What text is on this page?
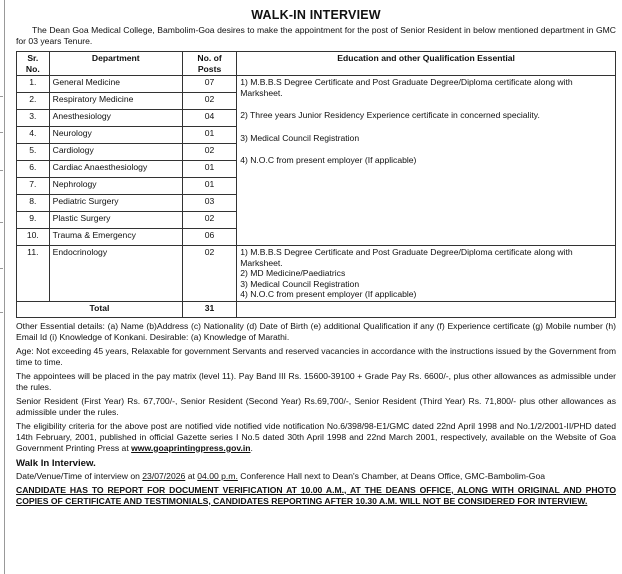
WALK-IN INTERVIEW

The Dean Goa Medical College, Bambolim-Goa desires to make the appointment for the post of Senior Resident in below mentioned department in GMC for 03 years Tenure.

Sr. No.	Department	No. of Posts	Education and other Qualification Essential
1.	General Medicine	07	1) M.B.B.S Degree Certificate and Post Graduate Degree/Diploma certificate along with Marksheet.

2) Three years Junior Residency Experience certificate in concerned speciality.

3) Medical Council Registration

4) N.O.C from present employer (If applicable)

2.	Respiratory Medicine	02	
3.	Anesthesiology	04	
4.	Neurology	01	
5.	Cardiology	02	
6.	Cardiac Anaesthesiology	01	
7.	Nephrology	01	
8.	Pediatric Surgery	03	
9.	Plastic Surgery	02	
10.	Trauma & Emergency	06	
11.	Endocrinology	02	1) M.B.B.S Degree Certificate and Post Graduate Degree/Diploma certificate along with Marksheet.

2) MD Medicine/Paediatrics

3) Medical Council Registration

4) N.O.C from present employer (If applicable)

Total		31	

Other Essential details: (a) Name (b)Address (c) Nationality (d) Date of Birth (e) additional Qualification if any (f) Experience certificate (g) Mobile number (h) Email Id (i) Knowledge of Konkani. Desirable: (a) Knowledge of Marathi.

Age: Not exceeding 45 years, Relaxable for government Servants and reserved vacancies in accordance with the instructions issued by the Government from time to time.

The appointees will be placed in the pay matrix (level 11). Pay Band III Rs. 15600-39100 + Grade Pay Rs. 6600/-, plus other allowances as admissible under the rules.

Senior Resident (First Year) Rs. 67,700/-, Senior Resident (Second Year) Rs.69,700/-, Senior Resident (Third Year) Rs. 71,800/- plus other allowances as admissible under the rules.

The eligibility criteria for the above post are notified vide notified vide notification No.6/398/98-E1/GMC dated 22nd April 1998 and No.1/2/2001-II/PHD dated 14th February, 2001, published in official Gazette series I No.5 dated 30th April 1998 and 22nd March 2001, respectively, available on the Website of Goa Government Printing Press at www.goaprintingpress.gov.in.

Walk In Interview.

Date/Venue/Time of interview on 23/07/2026 at 04.00 p.m. Conference Hall next to Dean's Chamber, at Deans Office, GMC-Bambolim-Goa

CANDIDATE HAS TO REPORT FOR DOCUMENT VERIFICATION AT 10.00 A.M., AT THE DEANS OFFICE, ALONG WITH ORIGINAL AND PHOTO COPIES OF CERTIFICATE AND TESTIMONIALS, CANDIDATES REPORTING AFTER 10.30 A.M. WILL NOT BE CONSIDERED FOR INTERVIEW.
